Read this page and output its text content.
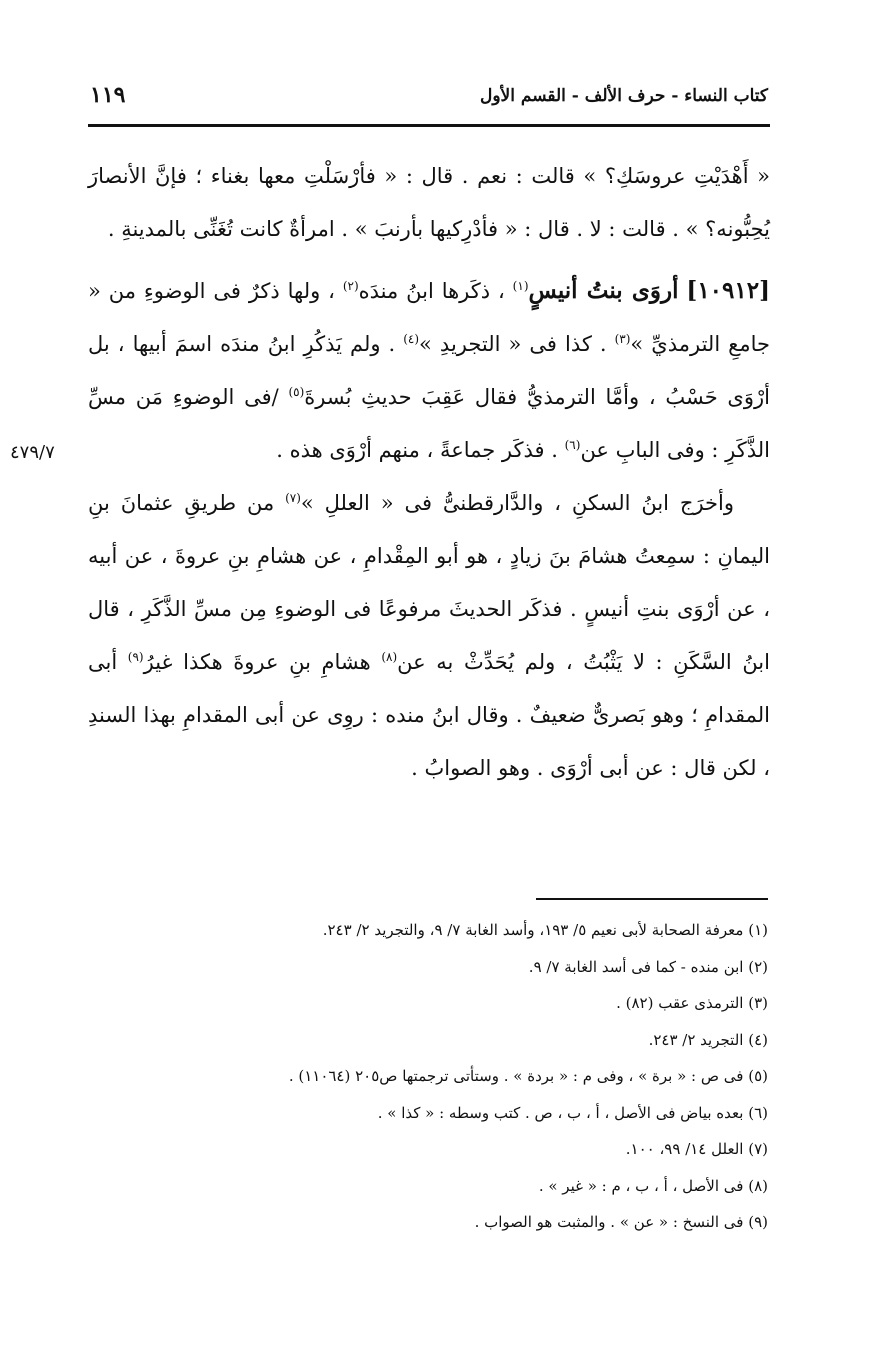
١١٩	كتاب النساء - حرف الألف - القسم الأول
٤٧٩/٧

« أَهْدَيْتِ عروسَكِ؟ » قالت : نعم . قال : « فأرْسَلْتِ معها بغناء ؛ فإنَّ الأنصارَ يُحِبُّونه؟ » . قالت : لا . قال : « فأدْرِكيها بأرنبَ » . امرأةٌ كانت تُغَنِّى بالمدينةِ .

[١٠٩١٢] أروَى بنتُ أنيسٍ$^{(١)}$ ، ذكَرها ابنُ مندَه$^{(٢)}$ ، ولها ذكرٌ فى الوضوءِ من « جامعِ الترمذيِّ »$^{(٣)}$ . كذا فى « التجريدِ »$^{(٤)}$ . ولم يَذكُرِ ابنُ مندَه اسمَ أبيها ، بل أرْوَى حَسْبُ ، وأمَّا الترمذيُّ فقال عَقِبَ حديثِ بُسرةَ$^{(٥)}$ /فى الوضوءِ مَن مسِّ الذَّكَرِ : وفى البابِ عن$^{(٦)}$ . فذكَر جماعةً ، منهم أرْوَى هذه .

وأخرَج ابنُ السكنِ ، والدَّارقطنىُّ فى « العللِ »$^{(٧)}$ من طريقِ عثمانَ بنِ اليمانِ : سمِعتُ هشامَ بنَ زيادٍ ، هو أبو المِقْدامِ ، عن هشامِ بنِ عروةَ ، عن أبيه ، عن أرْوَى بنتِ أنيسٍ . فذكَر الحديثَ مرفوعًا فى الوضوءِ مِن مسِّ الذَّكَرِ ، قال ابنُ السَّكَنِ : لا يَثْبُتُ ، ولم يُحَدِّثْ به عن$^{(٨)}$ هشامِ بنِ عروةَ هكذا غيرُ$^{(٩)}$ أبى المقدامِ ؛ وهو بَصرىٌّ ضعيفٌ . وقال ابنُ منده : روِى عن أبى المقدامِ بهذا السندِ ، لكن قال : عن أبى أرْوَى . وهو الصوابُ .

(١) معرفة الصحابة لأبى نعيم ٥/ ١٩٣، وأسد الغابة ٧/ ٩، والتجريد ٢/ ٢٤٣.
(٢) ابن منده - كما فى أسد الغابة ٧/ ٩.
(٣) الترمذى عقب (٨٢) .
(٤) التجريد ٢/ ٢٤٣.
(٥) فى ص : « برة » ، وفى م : « بردة » . وستأتى ترجمتها ص٢٠٥ (١١٠٦٤) .
(٦) بعده بياض فى الأصل ، أ ، ب ، ص . كتب وسطه : « كذا » .
(٧) العلل ١٤/ ٩٩، ١٠٠.
(٨) فى الأصل ، أ ، ب ، م : « غير » .
(٩) فى النسخ : « عن » . والمثبت هو الصواب .
